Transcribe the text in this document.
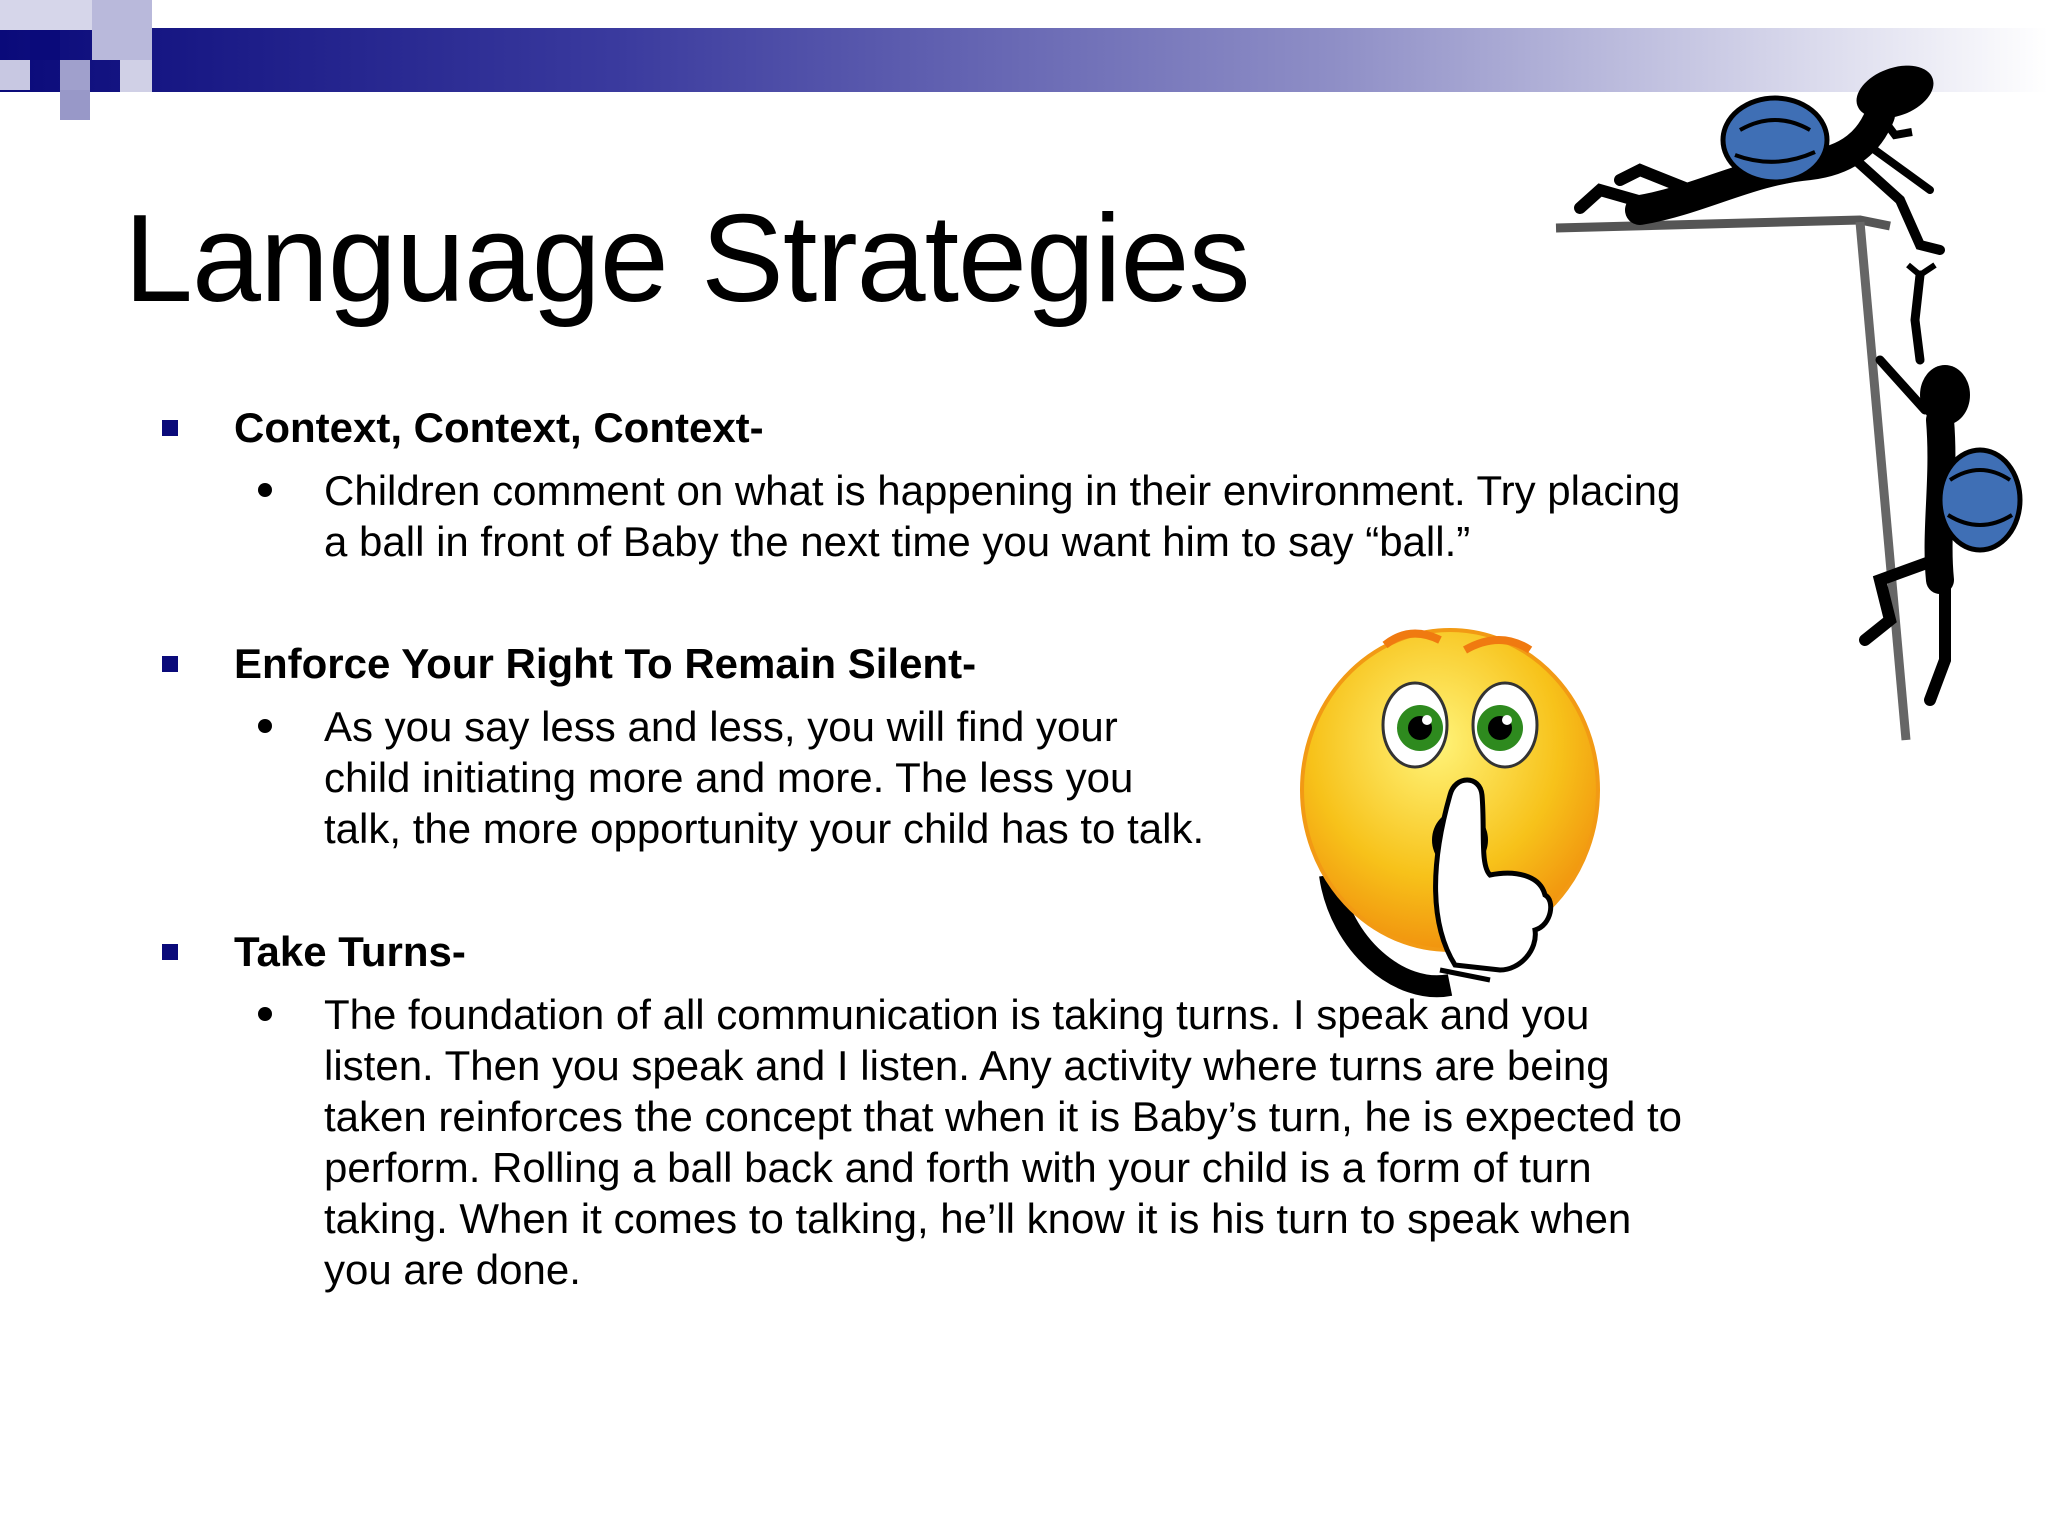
Language Strategies
Context, Context, Context-
Children comment on what is happening in their environment. Try placing
a ball in front of Baby the next time you want him to say “ball.”
Enforce Your Right To Remain Silent-
As you say less and less, you will find your
child initiating more and more. The less you
talk, the more opportunity your child has to talk.
Take Turns-
The foundation of all communication is taking turns. I speak and you
listen. Then you speak and I listen. Any activity where turns are being
taken reinforces the concept that when it is Baby’s turn, he is expected to
perform. Rolling a ball back and forth with your child is a form of turn
taking. When it comes to talking, he’ll know it is his turn to speak when
you are done.
